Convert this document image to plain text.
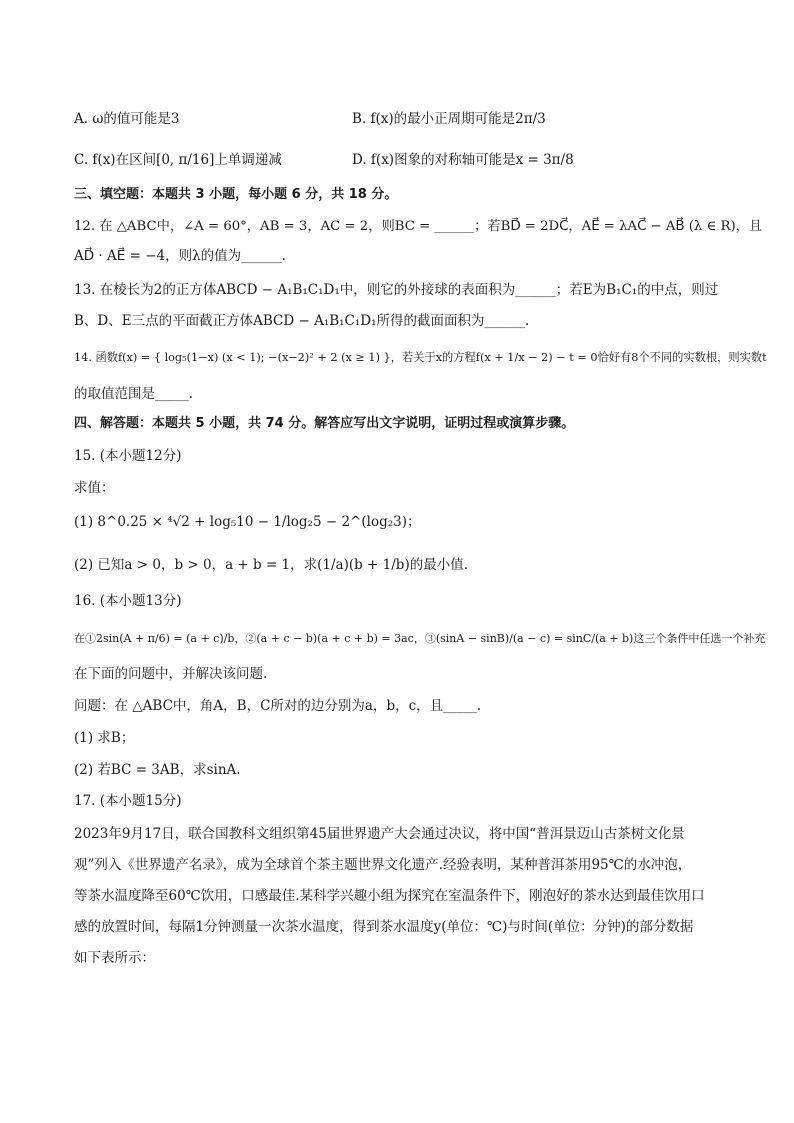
A. ω的值可能是3	B. f(x)的最小正周期可能是2π/3
C. f(x)在区间[0, π/16]上单调递减	D. f(x)图象的对称轴可能是x = 3π/8
三、填空题：本题共 3 小题，每小题 6 分，共 18 分。
12. 在 △ABC中，∠A = 60°，AB = 3，AC = 2，则BC = ______；若BD⃗ = 2DC⃗，AE⃗ = λAC⃗ − AB⃗ (λ ∈ R)，且
AD⃗ · AE⃗ = −4，则λ的值为______.
13. 在棱长为2的正方体ABCD − A₁B₁C₁D₁中，则它的外接球的表面积为______；若E为B₁C₁的中点，则过
B、D、E三点的平面截正方体ABCD − A₁B₁C₁D₁所得的截面面积为______.
14. 函数f(x) = { log₅(1−x) (x < 1); −(x−2)² + 2 (x ≥ 1) }，若关于x的方程f(x + 1/x − 2) − t = 0恰好有8个不同的实数根，则实数t
的取值范围是_____.
四、解答题：本题共 5 小题，共 74 分。解答应写出文字说明，证明过程或演算步骤。
15. (本小题12分)
求值：
(1) 8^0.25 × ⁴√2 + log₅10 − 1/log₂5 − 2^(log₂3)；
(2) 已知a > 0，b > 0，a + b = 1，求(1/a)(b + 1/b)的最小值.
16. (本小题13分)
在①2sin(A + π/6) = (a + c)/b，②(a + c − b)(a + c + b) = 3ac，③(sinA − sinB)/(a − c) = sinC/(a + b)这三个条件中任选一个补充
在下面的问题中，并解决该问题.
问题：在 △ABC中，角A，B，C所对的边分别为a，b，c，且_____.
(1) 求B；
(2) 若BC = 3AB，求sinA.
17. (本小题15分)
2023年9月17日，联合国教科文组织第45届世界遗产大会通过决议，将中国“普洱景迈山古茶树文化景
观”列入《世界遗产名录》，成为全球首个茶主题世界文化遗产.经验表明，某种普洱茶用95℃的水冲泡，
等茶水温度降至60℃饮用，口感最佳.某科学兴趣小组为探究在室温条件下，刚泡好的茶水达到最佳饮用口
感的放置时间，每隔1分钟测量一次茶水温度，得到茶水温度y(单位：℃)与时间(单位：分钟)的部分数据
如下表所示：
